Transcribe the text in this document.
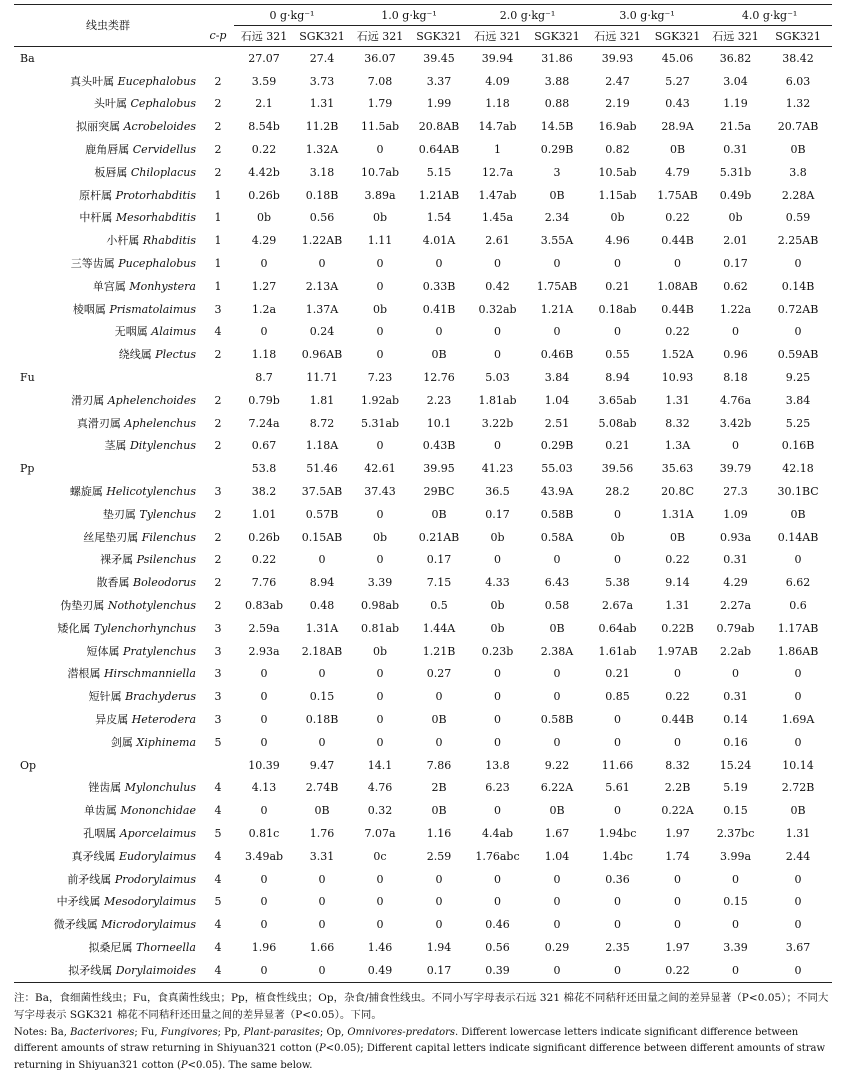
线虫类群		0 g·kg⁻¹		1.0 g·kg⁻¹		2.0 g·kg⁻¹		3.0 g·kg⁻¹		4.0 g·kg⁻¹	
	c-p	石远 321	SGK321	石远 321	SGK321	石远 321	SGK321	石远 321	SGK321	石远 321	SGK321
Ba		27.07	27.4	36.07	39.45	39.94	31.86	39.93	45.06	36.82	38.42
真头叶属 Eucephalobus	2	3.59	3.73	7.08	3.37	4.09	3.88	2.47	5.27	3.04	6.03
头叶属 Cephalobus	2	2.1	1.31	1.79	1.99	1.18	0.88	2.19	0.43	1.19	1.32
拟丽突属 Acrobeloides	2	8.54b	11.2B	11.5ab	20.8AB	14.7ab	14.5B	16.9ab	28.9A	21.5a	20.7AB
鹿角唇属 Cervidellus	2	0.22	1.32A	0	0.64AB	1	0.29B	0.82	0B	0.31	0B
板唇属 Chiloplacus	2	4.42b	3.18	10.7ab	5.15	12.7a	3	10.5ab	4.79	5.31b	3.8
原杆属 Protorhabditis	1	0.26b	0.18B	3.89a	1.21AB	1.47ab	0B	1.15ab	1.75AB	0.49b	2.28A
中杆属 Mesorhabditis	1	0b	0.56	0b	1.54	1.45a	2.34	0b	0.22	0b	0.59
小杆属 Rhabditis	1	4.29	1.22AB	1.11	4.01A	2.61	3.55A	4.96	0.44B	2.01	2.25AB
三等齿属 Pucephalobus	1	0	0	0	0	0	0	0	0	0.17	0
单宫属 Monhystera	1	1.27	2.13A	0	0.33B	0.42	1.75AB	0.21	1.08AB	0.62	0.14B
棱咽属 Prismatolaimus	3	1.2a	1.37A	0b	0.41B	0.32ab	1.21A	0.18ab	0.44B	1.22a	0.72AB
无咽属 Alaimus	4	0	0.24	0	0	0	0	0	0.22	0	0
绕线属 Plectus	2	1.18	0.96AB	0	0B	0	0.46B	0.55	1.52A	0.96	0.59AB
Fu		8.7	11.71	7.23	12.76	5.03	3.84	8.94	10.93	8.18	9.25
滑刃属 Aphelenchoides	2	0.79b	1.81	1.92ab	2.23	1.81ab	1.04	3.65ab	1.31	4.76a	3.84
真滑刃属 Aphelenchus	2	7.24a	8.72	5.31ab	10.1	3.22b	2.51	5.08ab	8.32	3.42b	5.25
茎属 Ditylenchus	2	0.67	1.18A	0	0.43B	0	0.29B	0.21	1.3A	0	0.16B
Pp		53.8	51.46	42.61	39.95	41.23	55.03	39.56	35.63	39.79	42.18
螺旋属 Helicotylenchus	3	38.2	37.5AB	37.43	29BC	36.5	43.9A	28.2	20.8C	27.3	30.1BC
垫刃属 Tylenchus	2	1.01	0.57B	0	0B	0.17	0.58B	0	1.31A	1.09	0B
丝尾垫刃属 Filenchus	2	0.26b	0.15AB	0b	0.21AB	0b	0.58A	0b	0B	0.93a	0.14AB
裸矛属 Psilenchus	2	0.22	0	0	0.17	0	0	0	0.22	0.31	0
散香属 Boleodorus	2	7.76	8.94	3.39	7.15	4.33	6.43	5.38	9.14	4.29	6.62
伪垫刃属 Nothotylenchus	2	0.83ab	0.48	0.98ab	0.5	0b	0.58	2.67a	1.31	2.27a	0.6
矮化属 Tylenchorhynchus	3	2.59a	1.31A	0.81ab	1.44A	0b	0B	0.64ab	0.22B	0.79ab	1.17AB
短体属 Pratylenchus	3	2.93a	2.18AB	0b	1.21B	0.23b	2.38A	1.61ab	1.97AB	2.2ab	1.86AB
潜根属 Hirschmanniella	3	0	0	0	0.27	0	0	0.21	0	0	0
短针属 Brachyderus	3	0	0.15	0	0	0	0	0.85	0.22	0.31	0
异皮属 Heterodera	3	0	0.18B	0	0B	0	0.58B	0	0.44B	0.14	1.69A
剑属 Xiphinema	5	0	0	0	0	0	0	0	0	0.16	0
Op		10.39	9.47	14.1	7.86	13.8	9.22	11.66	8.32	15.24	10.14
锉齿属 Mylonchulus	4	4.13	2.74B	4.76	2B	6.23	6.22A	5.61	2.2B	5.19	2.72B
单齿属 Mononchidae	4	0	0B	0.32	0B	0	0B	0	0.22A	0.15	0B
孔咽属 Aporcelaimus	5	0.81c	1.76	7.07a	1.16	4.4ab	1.67	1.94bc	1.97	2.37bc	1.31
真矛线属 Eudorylaimus	4	3.49ab	3.31	0c	2.59	1.76abc	1.04	1.4bc	1.74	3.99a	2.44
前矛线属 Prodorylaimus	4	0	0	0	0	0	0	0.36	0	0	0
中矛线属 Mesodorylaimus	5	0	0	0	0	0	0	0	0	0.15	0
微矛线属 Microdorylaimus	4	0	0	0	0	0.46	0	0	0	0	0
拟桑尼属 Thorneella	4	1.96	1.66	1.46	1.94	0.56	0.29	2.35	1.97	3.39	3.67
拟矛线属 Dorylaimoides	4	0	0	0.49	0.17	0.39	0	0	0.22	0	0

注：Ba，食细菌性线虫；Fu，食真菌性线虫；Pp，植食性线虫；Op，杂食/捕食性线虫。不同小写字母表示石远 321 棉花不同秸秆还田量之间的差异显著（P<0.05）；不同大写字母表示 SGK321 棉花不同秸秆还田量之间的差异显著（P<0.05）。下同。

Notes: Ba, Bacterivores; Fu, Fungivores; Pp, Plant-parasites; Op, Omnivores-predators. Different lowercase letters indicate significant difference between different amounts of straw returning in Shiyuan321 cotton (P<0.05); Different capital letters indicate significant difference between different amounts of straw returning in Shiyuan321 cotton (P<0.05). The same below.
